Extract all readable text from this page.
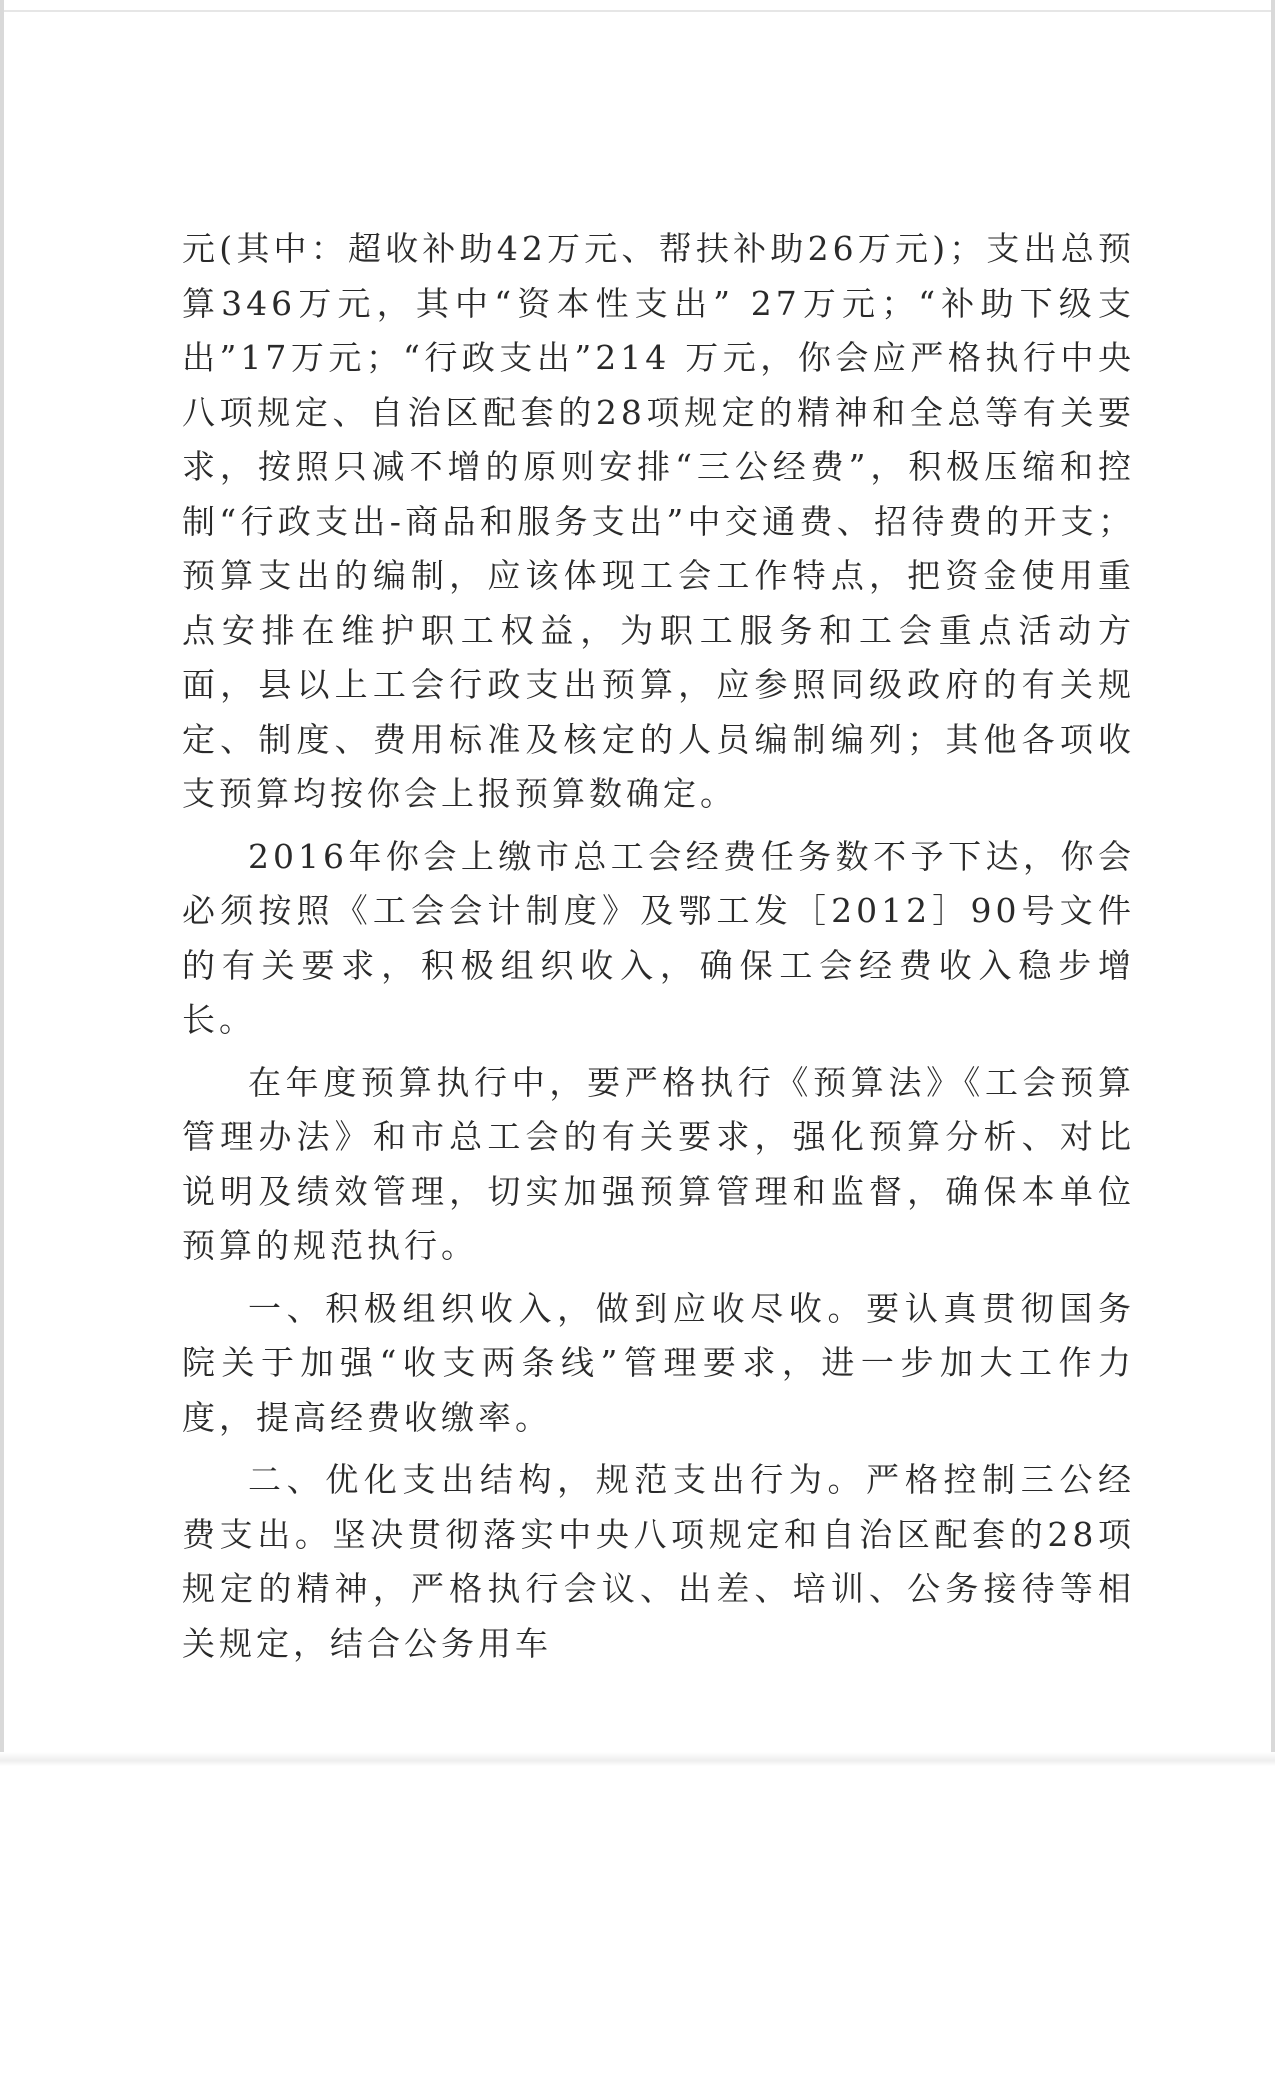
元(其中：超收补助42万元、帮扶补助26万元)；支出总预算346万元，其中“资本性支出” 27万元；“补助下级支出”17万元；“行政支出”214 万元，你会应严格执行中央八项规定、自治区配套的28项规定的精神和全总等有关要求，按照只减不增的原则安排“三公经费”，积极压缩和控制“行政支出-商品和服务支出”中交通费、招待费的开支；预算支出的编制，应该体现工会工作特点，把资金使用重点安排在维护职工权益，为职工服务和工会重点活动方面，县以上工会行政支出预算，应参照同级政府的有关规定、制度、费用标准及核定的人员编制编列；其他各项收支预算均按你会上报预算数确定。

2016年你会上缴市总工会经费任务数不予下达，你会必须按照《工会会计制度》及鄂工发［2012］90号文件的有关要求，积极组织收入，确保工会经费收入稳步增长。

在年度预算执行中，要严格执行《预算法》《工会预算管理办法》和市总工会的有关要求，强化预算分析、对比说明及绩效管理，切实加强预算管理和监督，确保本单位预算的规范执行。

一、积极组织收入，做到应收尽收。要认真贯彻国务院关于加强“收支两条线”管理要求，进一步加大工作力度，提高经费收缴率。

二、优化支出结构，规范支出行为。严格控制三公经费支出。坚决贯彻落实中央八项规定和自治区配套的28项规定的精神，严格执行会议、出差、培训、公务接待等相关规定，结合公务用车
